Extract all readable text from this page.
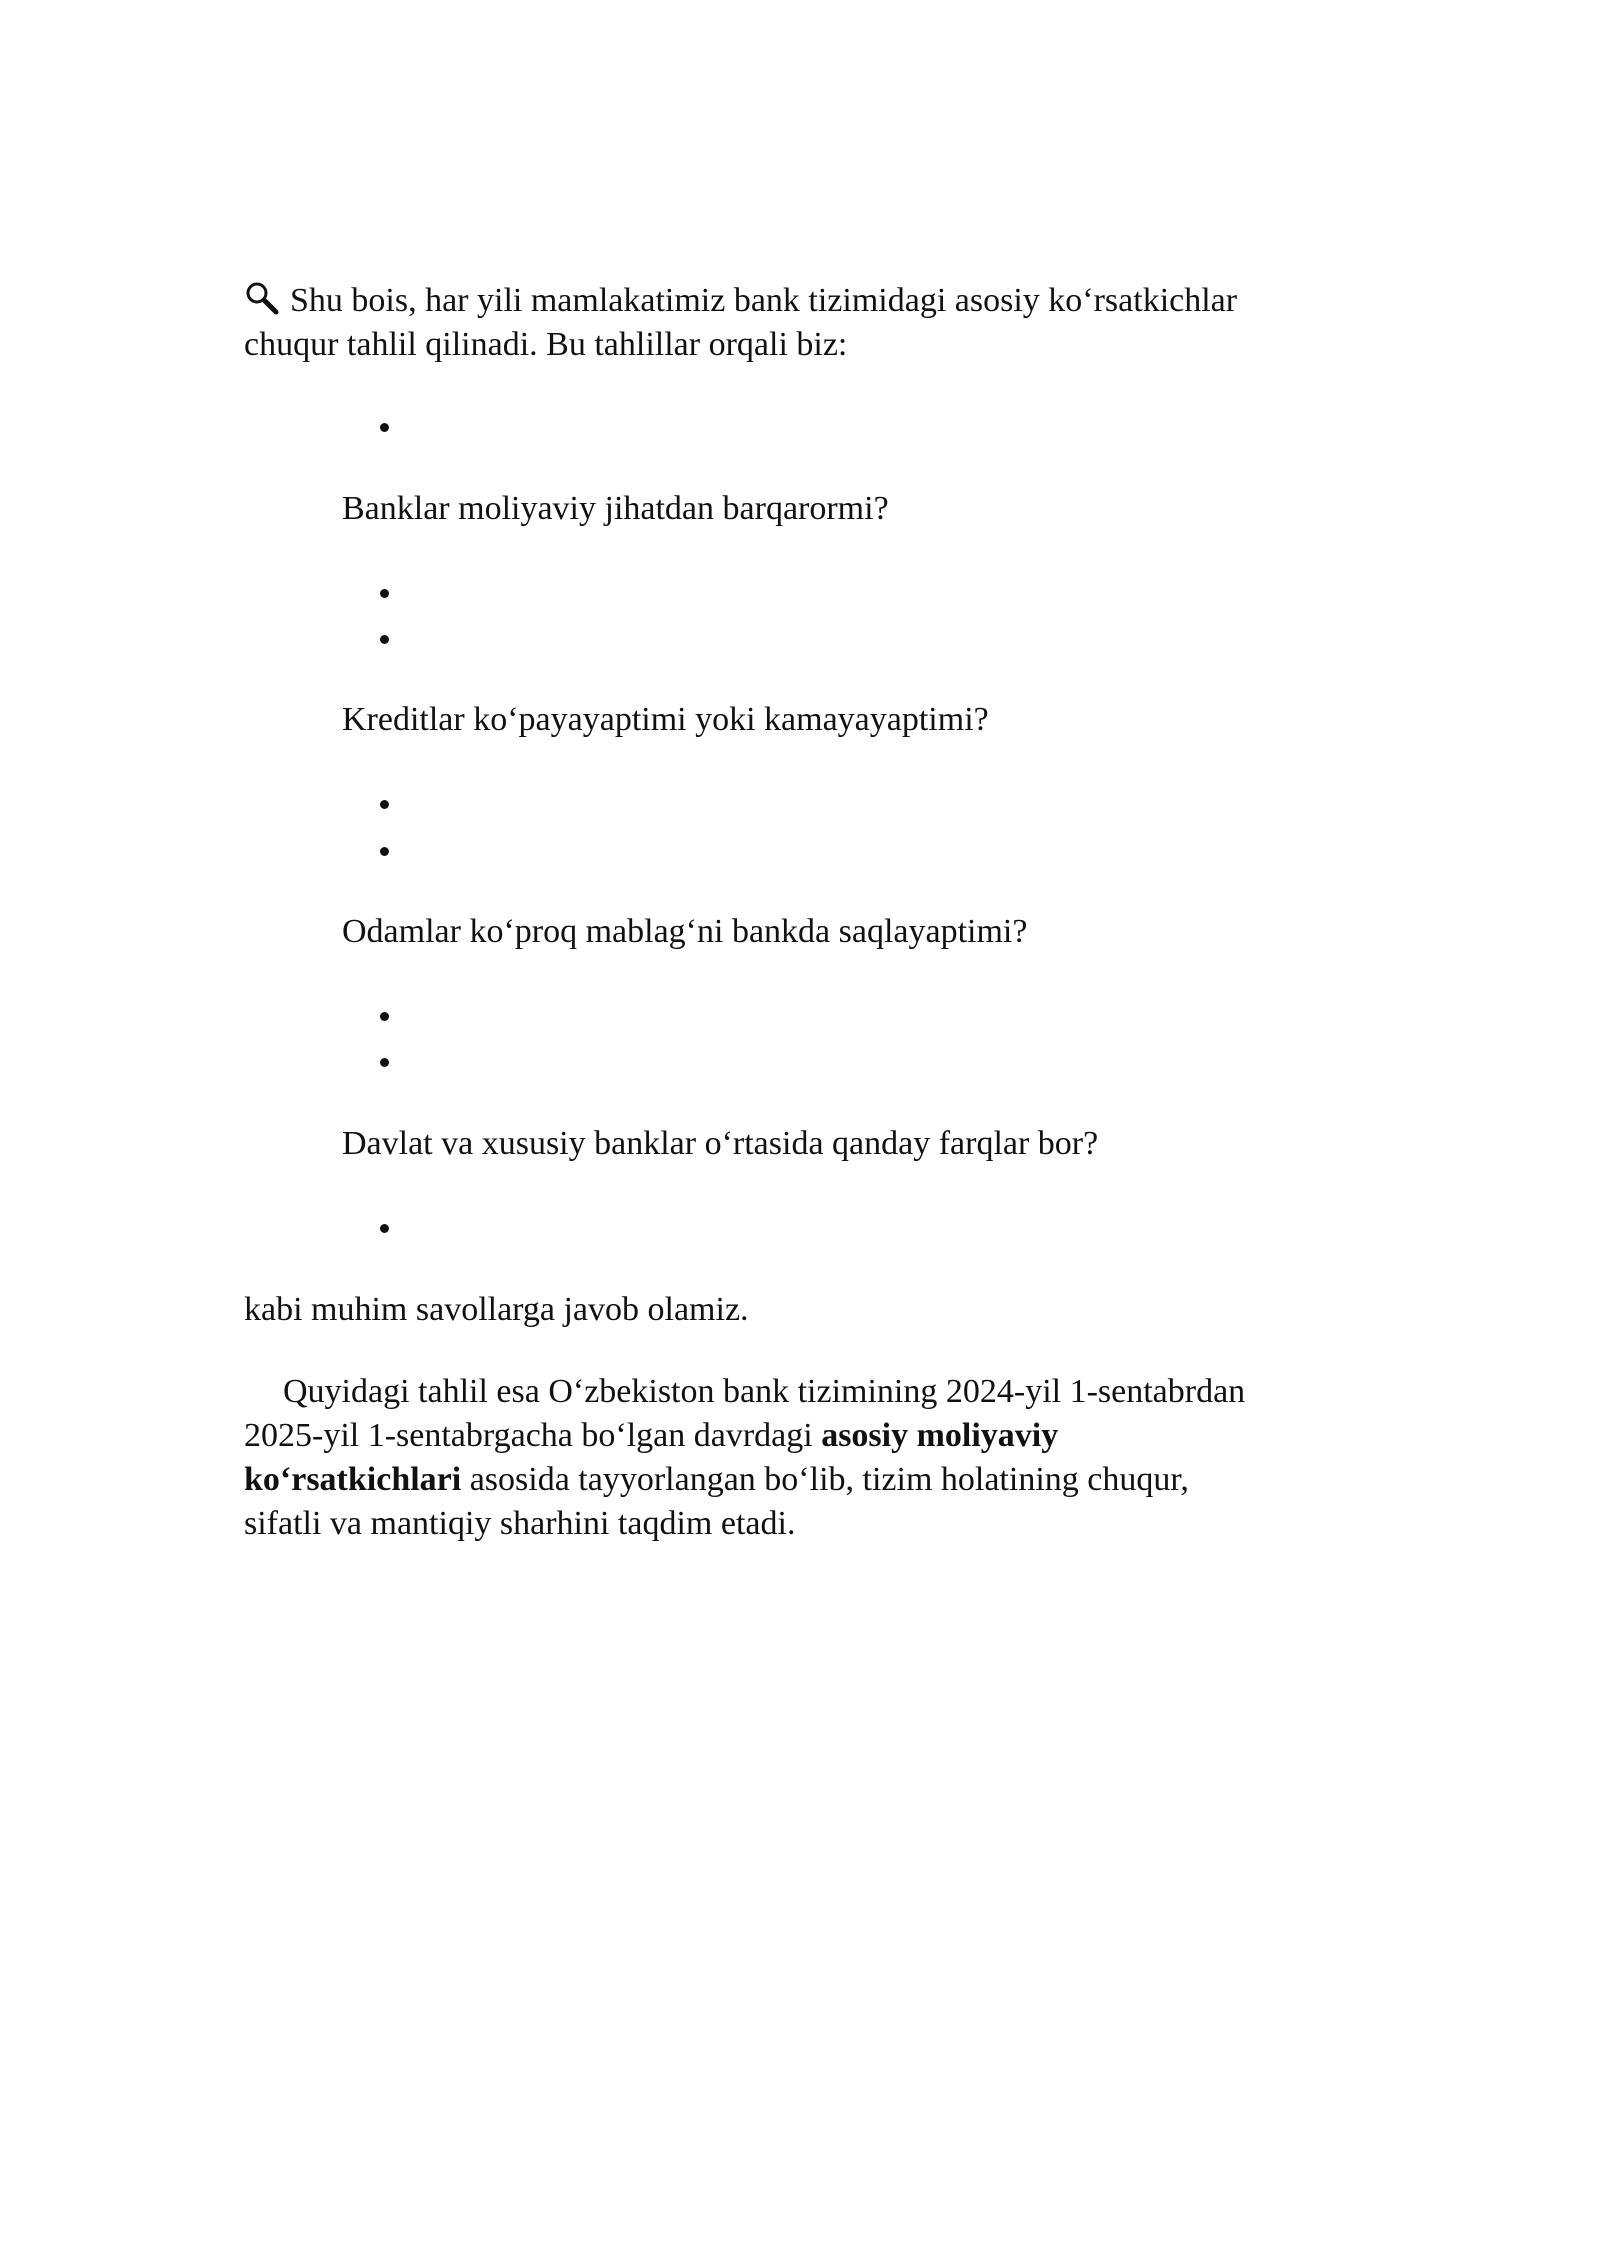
Shu bois, har yili mamlakatimiz bank tizimidagi asosiy ko‘rsatkichlar

chuqur tahlil qilinadi. Bu tahlillar orqali biz:

Banklar moliyaviy jihatdan barqarormi?

Kreditlar ko‘payayaptimi yoki kamayayaptimi?

Odamlar ko‘proq mablag‘ni bankda saqlayaptimi?

Davlat va xususiy banklar o‘rtasida qanday farqlar bor?

kabi muhim savollarga javob olamiz.

Quyidagi tahlil esa O‘zbekiston bank tizimining 2024-yil 1-sentabrdan

2025-yil 1-sentabrgacha bo‘lgan davrdagi asosiy moliyaviy

ko‘rsatkichlari asosida tayyorlangan bo‘lib, tizim holatining chuqur,

sifatli va mantiqiy sharhini taqdim etadi.
